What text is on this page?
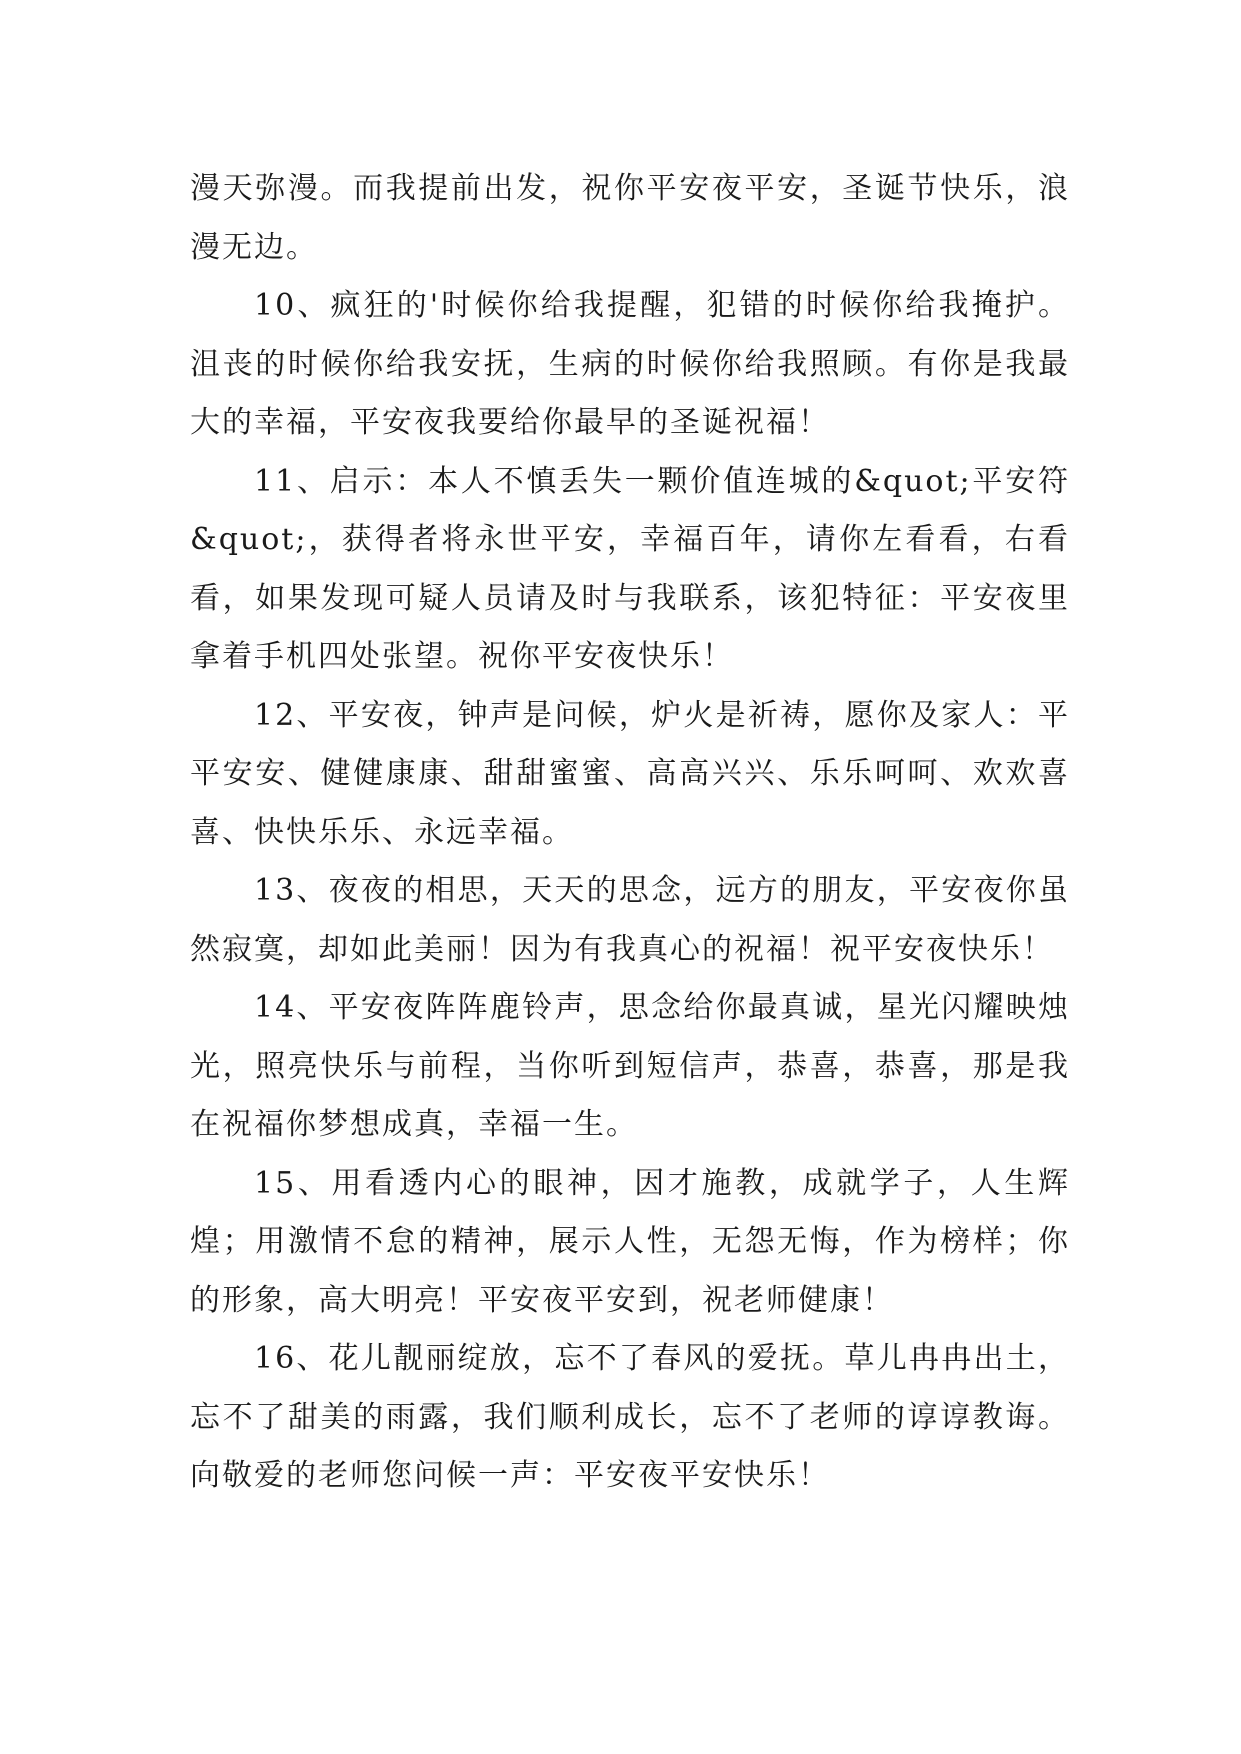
漫天弥漫。而我提前出发，祝你平安夜平安，圣诞节快乐，浪漫无边。

10、疯狂的'时候你给我提醒，犯错的时候你给我掩护。沮丧的时候你给我安抚，生病的时候你给我照顾。有你是我最大的幸福，平安夜我要给你最早的圣诞祝福！

11、启示：本人不慎丢失一颗价值连城的&quot;平安符&quot;，获得者将永世平安，幸福百年，请你左看看，右看看，如果发现可疑人员请及时与我联系，该犯特征：平安夜里拿着手机四处张望。祝你平安夜快乐！

12、平安夜，钟声是问候，炉火是祈祷，愿你及家人：平平安安、健健康康、甜甜蜜蜜、高高兴兴、乐乐呵呵、欢欢喜喜、快快乐乐、永远幸福。

13、夜夜的相思，天天的思念，远方的朋友，平安夜你虽然寂寞，却如此美丽！因为有我真心的祝福！祝平安夜快乐！

14、平安夜阵阵鹿铃声，思念给你最真诚，星光闪耀映烛光，照亮快乐与前程，当你听到短信声，恭喜，恭喜，那是我在祝福你梦想成真，幸福一生。

15、用看透内心的眼神，因才施教，成就学子，人生辉煌；用激情不怠的精神，展示人性，无怨无悔，作为榜样；你的形象，高大明亮！平安夜平安到，祝老师健康！

16、花儿靓丽绽放，忘不了春风的爱抚。草儿冉冉出土，忘不了甜美的雨露，我们顺利成长，忘不了老师的谆谆教诲。向敬爱的老师您问候一声：平安夜平安快乐！
